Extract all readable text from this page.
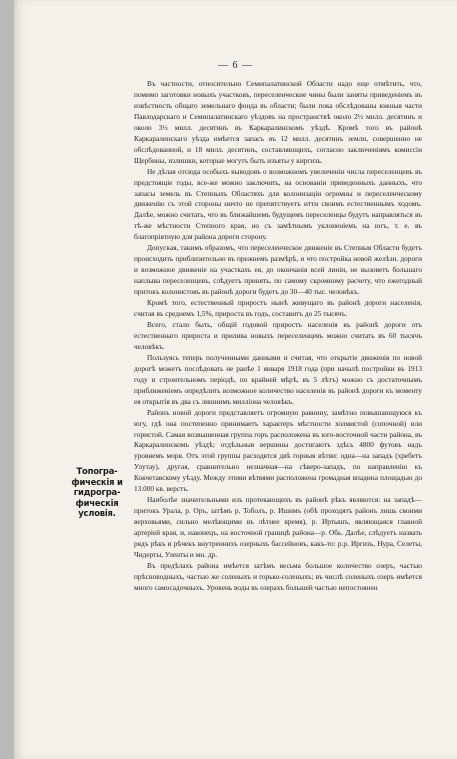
— 6 —
Топогра-
фическiя и
гидрогра-
фическiя
условiя.

Въ частности, относительно Семипалатинской Области надо еще отмѣтить, что, помимо заготовки новыхъ участковъ, переселенческие чины были заняты приведенiемъ въ извѣстность общаго земельнаго фонда въ области; были пока обслѣдованы южныя части Павлодарскаго и Семипалатинскаго уѣздовъ на пространствѣ около 2½ милл. десятинъ и около 3½ милл. десятинъ въ Каркаралинскомъ уѣздѣ. Кромѣ того въ районѣ Каркаралинскаго уѣзда имѣется запасъ въ 12 милл. десятинъ земли, совершенно не обслѣдованной, и 18 милл. десятинъ, составляющихъ, согласно заключенiямъ комиссiи Щербины, излишки, которые могутъ быть изъяты у киргизъ.

Не дѣлая отсюда особыхъ выводовъ о возможномъ увеличенiи числа переселенцевъ въ предстоящiе годы, все-же можно заключить, на основанiи приведенныхъ данныхъ, что запасы земель въ Степныхъ Областяхъ для колонизацiи огромны и переселенческому движенiю съ этой стороны ничто не препятствуетъ итти своимъ естественнымъ ходомъ. Далѣе, можно считать, что въ ближайшемъ будущемъ переселенцы будутъ направляться въ тѣ-же мѣстности Степного края, но съ замѣтнымъ уклоненiемъ на югъ, т. е. въ благопрiятную для района дороги сторону.

Допуская, такимъ образомъ, что переселенческое движенiе въ Степныя Области будетъ происходить приблизительно въ прежнемъ размѣрѣ, и что постройка новой желѣзн. дороги и возможное движенiе на участкахъ ея, до окончанiя всей линiи, не вызоветъ большаго наплыва переселенцевъ, слѣдуетъ принять, по самому скромному расчету, что ежегодный притокъ колонистовъ въ районѣ дороги будетъ до 30—40 тыс. человѣкъ.

Кромѣ того, естественный приростъ нынѣ живущаго въ районѣ дороги населенiя, считая въ среднемъ 1,5%, прироста въ годъ, составитъ до 25 тысячъ.

Всего, стало быть, общiй годовой приростъ населенiя въ районѣ дороги отъ естественнаго прироста и прилива новыхъ переселенцевъ можно считать въ 60 тысячъ человѣкъ.

Пользуясь теперь полученными данными и считая, что открытiе движенiя по новой дорогѣ можетъ послѣдовать не ранѣе 1 января 1918 года (при началѣ постройки въ 1913 году и строительномъ перiодѣ, по крайней мѣрѣ, въ 5 лѣтъ) можно съ достаточнымъ приближенiемъ опредѣлить возможное количество населенiя въ районѣ дороги къ моменту ея открытiя въ два съ лишнимъ миллiона человѣкъ.

Районъ новой дороги представляетъ огромную равнину, замѣтно повышающуюся къ югу, гдѣ она постепенно принимаетъ характеръ мѣстности холмистой (сопочной) или гористой. Самая возвышенная группа горъ расположена въ юго-восточной части района, въ Каркаралинскомъ уѣздѣ; отдѣльныя вершины достигаютъ здѣсь 4800 футовъ надъ уровнемъ моря. Отъ этой группы расходятся двѣ горныя вѣтви: одна—на западъ (хребетъ Улутау), другая, сравнительно незначная—на сѣверо-западъ, по направленiю къ Кокчетавскому уѣзду. Между этими вѣтвями расположена громадная впадина площадью до 13.000 кв. верстъ.

Наиболѣе значительными изъ протекающихъ въ районѣ рѣкъ являются: на западѣ—притокъ Урала, р. Оръ, затѣмъ р. Тоболъ, р. Ишимъ (обѣ проходятъ районъ лишь своими верховьями, сильно мелѣющими въ лѣтнее время), р. Иртышъ, являющаяся главной артерiей края, и, наконецъ, на восточной границѣ района—р. Обь. Далѣе, слѣдуетъ назвать рядъ рѣкъ и рѣчекъ внутреннихъ озерныхъ бассейновъ, какъ-то: р.р. Иргизъ, Нура, Селеты, Чидерты, Уленты и мн. др.

Въ предѣлахъ района имѣется затѣмъ весьма большое количество озеръ, частью прѣсноводныхъ, частью же соленыхъ и горько-соленыхъ; въ числѣ соленыхъ озеръ имѣется много самосадочныхъ. Уровень воды въ озерахъ большей частью непостоянен
